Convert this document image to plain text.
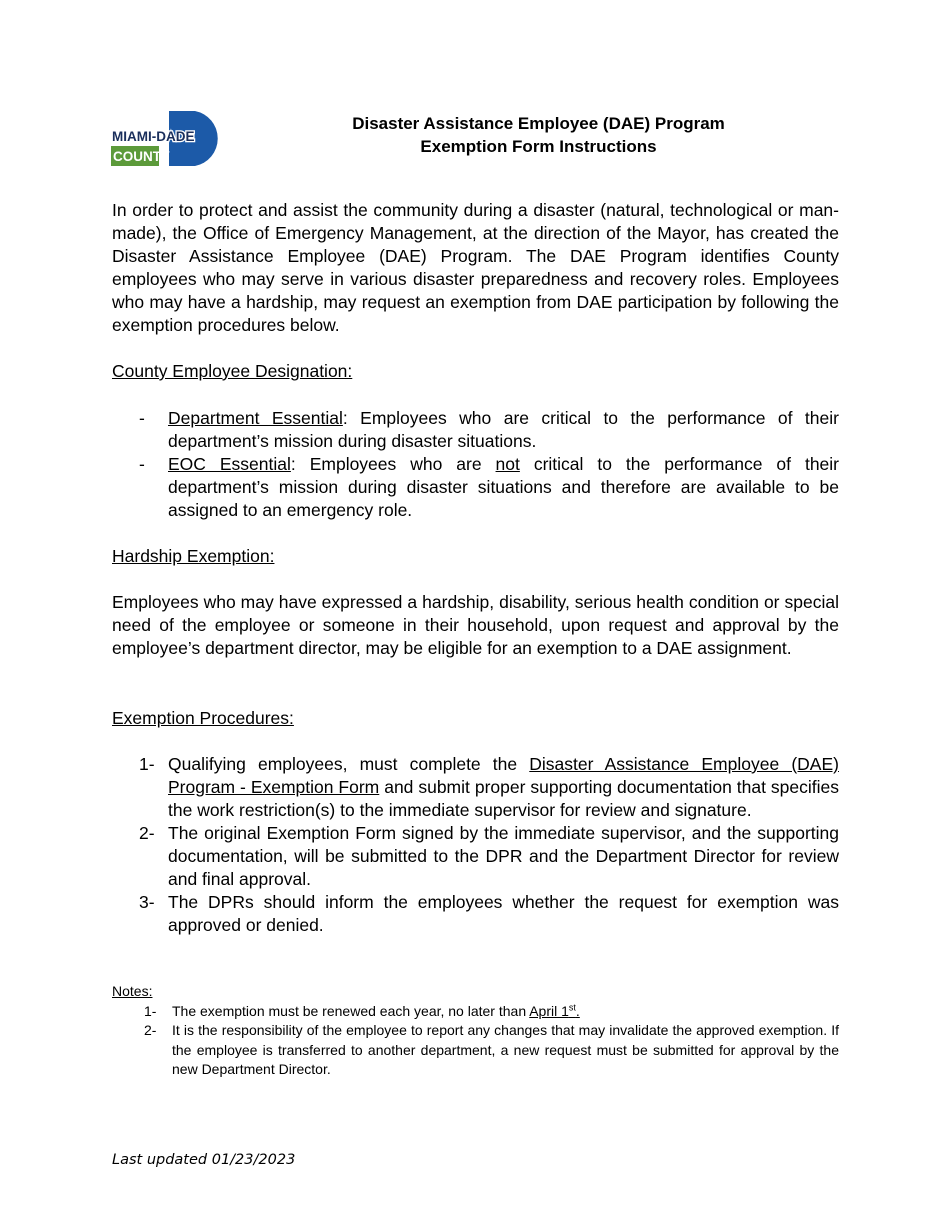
MIAMI-DADE
COUNTY
Disaster Assistance Employee (DAE) Program
Exemption Form Instructions
In order to protect and assist the community during a disaster (natural, technological or man-made), the Office of Emergency Management, at the direction of the Mayor, has created the Disaster Assistance Employee (DAE) Program. The DAE Program identifies County employees who may serve in various disaster preparedness and recovery roles. Employees who may have a hardship, may request an exemption from DAE participation by following the exemption procedures below.
County Employee Designation:
- Department Essential: Employees who are critical to the performance of their department’s mission during disaster situations.
- EOC Essential: Employees who are not critical to the performance of their department’s mission during disaster situations and therefore are available to be assigned to an emergency role.
Hardship Exemption:
Employees who may have expressed a hardship, disability, serious health condition or special need of the employee or someone in their household, upon request and approval by the employee’s department director, may be eligible for an exemption to a DAE assignment.
Exemption Procedures:
1- Qualifying employees, must complete the Disaster Assistance Employee (DAE) Program - Exemption Form and submit proper supporting documentation that specifies the work restriction(s) to the immediate supervisor for review and signature.
2- The original Exemption Form signed by the immediate supervisor, and the supporting documentation, will be submitted to the DPR and the Department Director for review and final approval.
3- The DPRs should inform the employees whether the request for exemption was approved or denied.
Notes:
1- The exemption must be renewed each year, no later than April 1st.
2- It is the responsibility of the employee to report any changes that may invalidate the approved exemption. If the employee is transferred to another department, a new request must be submitted for approval by the new Department Director.
Last updated 01/23/2023
